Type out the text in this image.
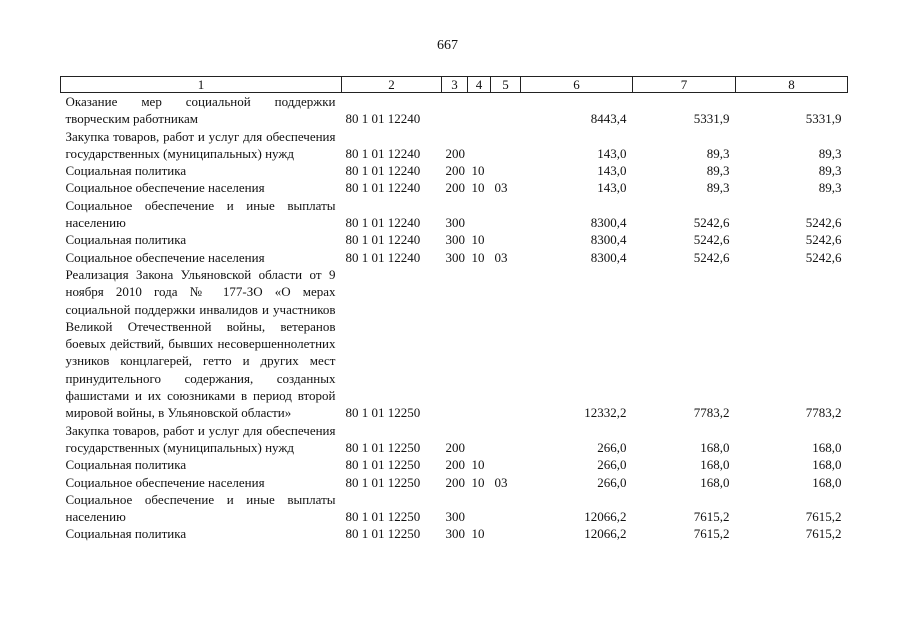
667
1	2	3	4	5	6	7	8
Оказание мер социальной поддержки творческим работникам	80 1 01 12240				8443,4	5331,9	5331,9
Закупка товаров, работ и услуг для обеспечения государственных (муниципальных) нужд	80 1 01 12240	200			143,0	89,3	89,3
Социальная политика	80 1 01 12240	200	10		143,0	89,3	89,3
Социальное обеспечение населения	80 1 01 12240	200	10	03	143,0	89,3	89,3
Социальное обеспечение и иные выплаты населению	80 1 01 12240	300			8300,4	5242,6	5242,6
Социальная политика	80 1 01 12240	300	10		8300,4	5242,6	5242,6
Социальное обеспечение населения	80 1 01 12240	300	10	03	8300,4	5242,6	5242,6
Реализация Закона Ульяновской области от 9 ноября 2010 года № 177-ЗО «О мерах социальной поддержки инвалидов и участников Великой Отечественной войны, ветеранов боевых действий, бывших несовершеннолетних узников концлагерей, гетто и других мест принудительного содержания, созданных фашистами и их союзниками в период второй мировой войны, в Ульяновской области»	80 1 01 12250				12332,2	7783,2	7783,2
Закупка товаров, работ и услуг для обеспечения государственных (муниципальных) нужд	80 1 01 12250	200			266,0	168,0	168,0
Социальная политика	80 1 01 12250	200	10		266,0	168,0	168,0
Социальное обеспечение населения	80 1 01 12250	200	10	03	266,0	168,0	168,0
Социальное обеспечение и иные выплаты населению	80 1 01 12250	300			12066,2	7615,2	7615,2
Социальная политика	80 1 01 12250	300	10		12066,2	7615,2	7615,2
